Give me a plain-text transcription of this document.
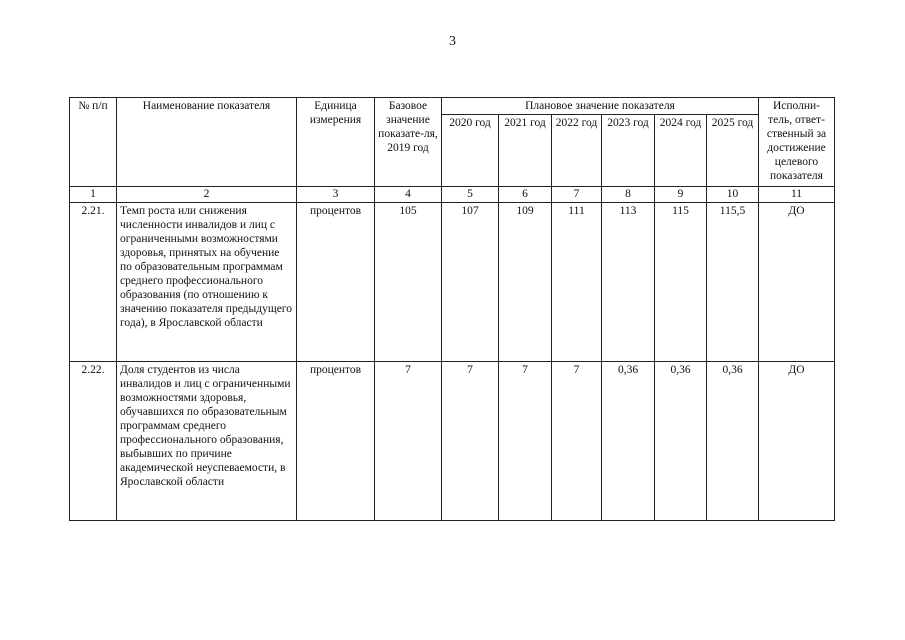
3
№ п/п	Наименование показателя	Единица измерения	Базовое значение показате-ля, 2019 год	Плановое значение показателя						Исполни-тель, ответ-ственный за достижение целевого показателя
				2020 год	2021 год	2022 год	2023 год	2024 год	2025 год	
1	2	3	4	5	6	7	8	9	10	11
2.21.	Темп роста или снижения численности инвалидов и лиц с ограниченными возможностями здоровья, принятых на обучение по образовательным программам среднего профессионального образования (по отношению к значению показателя предыдущего года), в Ярославской области	процентов	105	107	109	111	113	115	115,5	ДО
2.22.	Доля студентов из числа инвалидов и лиц с ограниченными возможностями здоровья, обучавшихся по образовательным программам среднего профессионального образования, выбывших по причине академической неуспеваемости, в Ярославской области	процентов	7	7	7	7	0,36	0,36	0,36	ДО
